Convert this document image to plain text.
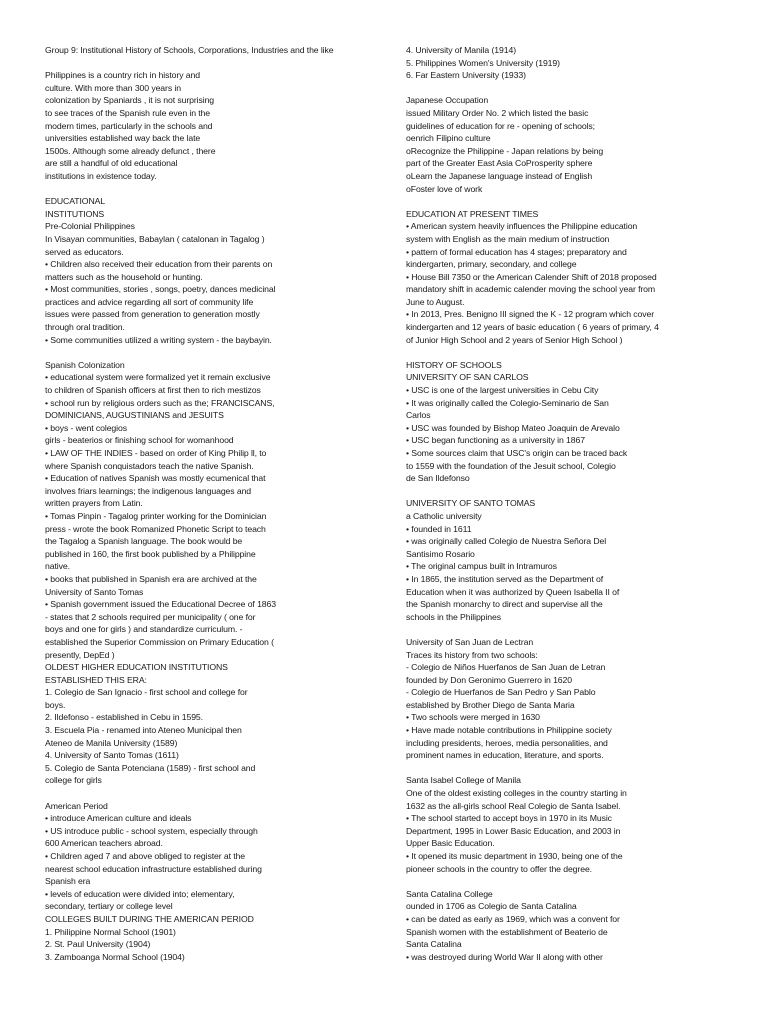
Group 9: Institutional History of Schools, Corporations, Industries and the like
Philippines is a country rich in history and
culture. With more than 300 years in
colonization by Spaniards , it is not surprising
to see traces of the Spanish rule even in the
modern times, particularly in the schools and
universities established way back the late
1500s. Although some already defunct , there
are still a handful of old educational
institutions in existence today.
EDUCATIONAL
INSTITUTIONS
Pre-Colonial Philippines
In Visayan communities, Babaylan ( catalonan in Tagalog )
served as educators.
• Children also received their education from their parents on
matters such as the household or hunting.
• Most communities, stories , songs, poetry, dances medicinal
practices and advice regarding all sort of community life
issues were passed from generation to generation mostly
through oral tradition.
• Some communities utilized a writing system - the baybayin.
Spanish Colonization
• educational system were formalized yet it remain exclusive
to children of Spanish officers at first then to rich mestizos
• school run by religious orders such as the; FRANCISCANS,
DOMINICIANS, AUGUSTINIANS and JESUITS
• boys - went colegios
girls - beaterios or finishing school for womanhood
• LAW OF THE INDIES - based on order of King Philip ll, to
where Spanish conquistadors teach the native Spanish.
• Education of natives Spanish was mostly ecumenical that
involves friars learnings; the indigenous languages and
written prayers from Latin.
• Tomas Pinpin - Tagalog printer working for the Dominician
press - wrote the book Romanized Phonetic Script to teach
the Tagalog a Spanish language. The book would be
published in 160, the first book published by a Philippine
native.
• books that published in Spanish era are archived at the
University of Santo Tomas
• Spanish government issued the Educational Decree of 1863
- states that 2 schools required per municipality ( one for
boys and one for girls ) and standardize curriculum. -
established the Superior Commission on Primary Education (
presently, DepEd )
OLDEST HIGHER EDUCATION INSTITUTIONS
ESTABLISHED THIS ERA:
1. Colegio de San Ignacio - first school and college for
boys.
2. Ildefonso - established in Cebu in 1595.
3. Escuela Pia - renamed into Ateneo Municipal then
Ateneo de Manila University (1589)
4. University of Santo Tomas (1611)
5. Colegio de Santa Potenciana (1589) - first school and
college for girls
American Period
• introduce American culture and ideals
• US introduce public - school system, especially through
600 American teachers abroad.
• Children aged 7 and above obliged to register at the
nearest school education infrastructure established during
Spanish era
• levels of education were divided into; elementary,
secondary, tertiary or college level
COLLEGES BUILT DURING THE AMERICAN PERIOD
1. Philippine Normal School (1901)
2. St. Paul University (1904)
3. Zamboanga Normal School (1904)
4. University of Manila (1914)
5. Philippines Women's University (1919)
6. Far Eastern University (1933)
Japanese Occupation
issued Military Order No. 2 which listed the basic
guidelines of education for re - opening of schools;
oenrich Filipino culture
oRecognize the Philippine - Japan relations by being
part of the Greater East Asia CoProsperity sphere
oLearn the Japanese language instead of English
oFoster love of work
EDUCATION AT PRESENT TIMES
• American system heavily influences the Philippine education
system with English as the main medium of instruction
• pattern of formal education has 4 stages; preparatory and
kindergarten, primary, secondary, and college
• House Bill 7350 or the American Calender Shift of 2018 proposed
mandatory shift in academic calender moving the school year from
June to August.
• In 2013, Pres. Benigno III signed the K - 12 program which cover
kindergarten and 12 years of basic education ( 6 years of primary, 4
of Junior High School and 2 years of Senior High School )
HISTORY OF SCHOOLS
UNIVERSITY OF SAN CARLOS
• USC is one of the largest universities in Cebu City
• It was originally called the Colegio-Seminario de San
Carlos
• USC was founded by Bishop Mateo Joaquin de Arevalo
• USC began functioning as a university in 1867
• Some sources claim that USC's origin can be traced back
to 1559 with the foundation of the Jesuit school, Colegio
de San Ildefonso
UNIVERSITY OF SANTO TOMAS
a Catholic university
• founded in 1611
• was originally called Colegio de Nuestra Señora Del
Santisimo Rosario
• The original campus built in Intramuros
• In 1865, the institution served as the Department of
Education when it was authorized by Queen Isabella II of
the Spanish monarchy to direct and supervise all the
schools in the Philippines
University of San Juan de Lectran
Traces its history from two schools:
- Colegio de Niños Huerfanos de San Juan de Letran
founded by Don Geronimo Guerrero in 1620
- Colegio de Huerfanos de San Pedro y San Pablo
established by Brother Diego de Santa Maria
• Two schools were merged in 1630
• Have made notable contributions in Philippine society
including presidents, heroes, media personalities, and
prominent names in education, literature, and sports.
Santa Isabel College of Manila
One of the oldest existing colleges in the country starting in
1632 as the all-girls school Real Colegio de Santa Isabel.
• The school started to accept boys in 1970 in its Music
Department, 1995 in Lower Basic Education, and 2003 in
Upper Basic Education.
• It opened its music department in 1930, being one of the
pioneer schools in the country to offer the degree.
Santa Catalina College
ounded in 1706 as Colegio de Santa Catalina
• can be dated as early as 1969, which was a convent for
Spanish women with the establishment of Beaterio de
Santa Catalina
• was destroyed during World War II along with other
